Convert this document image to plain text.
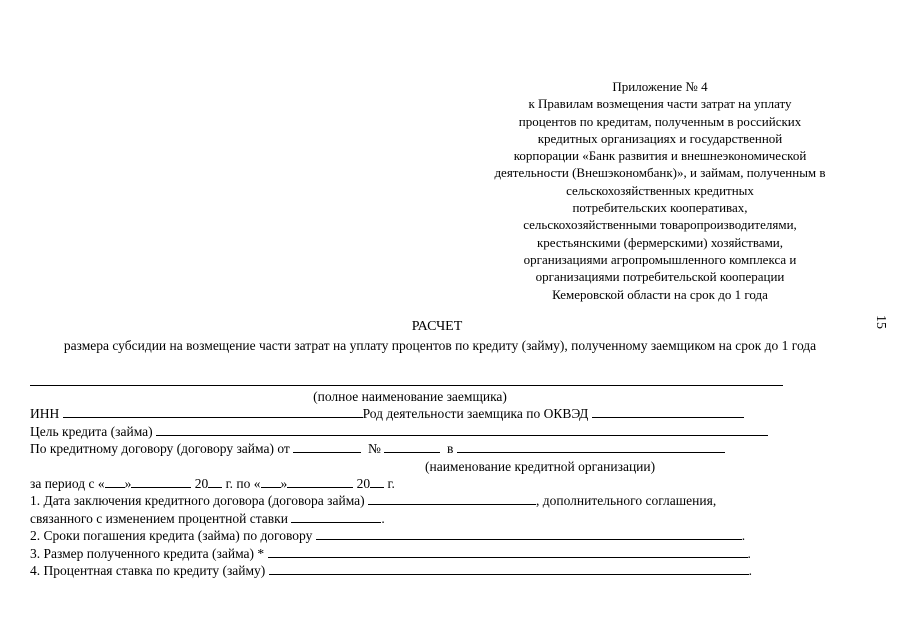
Приложение № 4
к Правилам возмещения части затрат на уплату
процентов по кредитам, полученным в российских
кредитных организациях и государственной
корпорации «Банк развития и внешнеэкономической
деятельности (Внешэкономбанк)», и займам, полученным в
сельскохозяйственных кредитных
потребительских кооперативах,
сельскохозяйственными товаропроизводителями,
крестьянскими (фермерскими) хозяйствами,
организациями агропромышленного комплекса и
организациями потребительской кооперации
Кемеровской области на срок до 1 года
15
РАСЧЕТ
размера субсидии на возмещение части затрат на уплату процентов по кредиту (займу), полученному заемщиком на срок до 1 года
(полное наименование заемщика)
ИНН	Род деятельности заемщика по ОКВЭД
Цель кредита (займа)
По кредитному договору (договору займа) от	№	в
(наименование кредитной организации)
за период с « »	20 г. по « »	20 г.
1. Дата заключения кредитного договора (договора займа)	, дополнительного соглашения,
связанного с изменением процентной ставки	.
2. Сроки погашения кредита (займа) по договору	.
3. Размер полученного кредита (займа) *	.
4. Процентная ставка по кредиту (займу)	.
